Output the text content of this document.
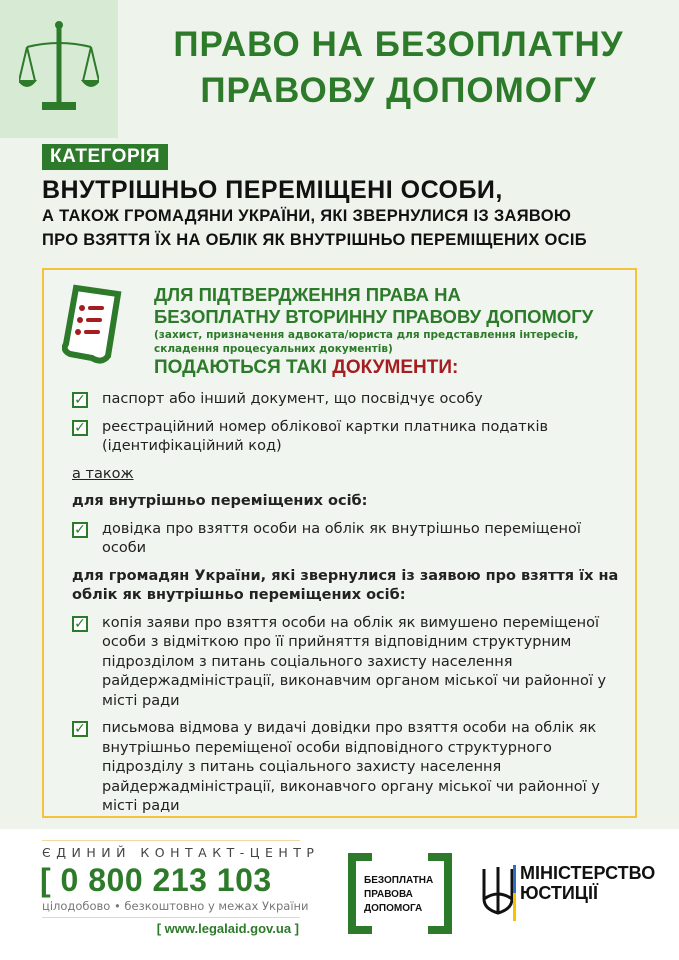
ПРАВО НА БЕЗОПЛАТНУ
ПРАВОВУ ДОПОМОГУ
КАТЕГОРІЯ
ВНУТРІШНЬО ПЕРЕМІЩЕНІ ОСОБИ,
А ТАКОЖ ГРОМАДЯНИ УКРАЇНИ, ЯКІ ЗВЕРНУЛИСЯ ІЗ ЗАЯВОЮ
ПРО ВЗЯТТЯ ЇХ НА ОБЛІК ЯК ВНУТРІШНЬО ПЕРЕМІЩЕНИХ ОСІБ
ДЛЯ ПІДТВЕРДЖЕННЯ ПРАВА НА
БЕЗОПЛАТНУ ВТОРИННУ ПРАВОВУ ДОПОМОГУ
(захист, призначення адвоката/юриста для представлення інтересів,
складення процесуальних документів)
ПОДАЮТЬСЯ ТАКІ ДОКУМЕНТИ:
✓ паспорт або інший документ, що посвідчує особу
✓ реєстраційний номер облікової картки платника податків (ідентифікаційний код)
а також
для внутрішньо переміщених осіб:
✓ довідка про взяття особи на облік як внутрішньо переміщеної особи
для громадян України, які звернулися із заявою про взяття їх на облік як внутрішньо переміщених осіб:
✓ копія заяви про взяття особи на облік як вимушено переміщеної особи з відміткою про її прийняття відповідним структурним підрозділом з питань соціального захисту населення райдержадміністрації, виконавчим органом міської чи районної у місті ради
✓ письмова відмова у видачі довідки про взяття особи на облік як внутрішньо переміщеної особи відповідного структурного підрозділу з питань соціального захисту населення райдержадміністрації, виконавчого органу міської чи районної у місті ради
ЄДИНИЙ КОНТАКТ-ЦЕНТР
[ 0 800 213 103
цілодобово • безкоштовно у межах України
[ www.legalaid.gov.ua ]
БЕЗОПЛАТНА
ПРАВОВА
ДОПОМОГА
МІНІСТЕРСТВО
ЮСТИЦІЇ
